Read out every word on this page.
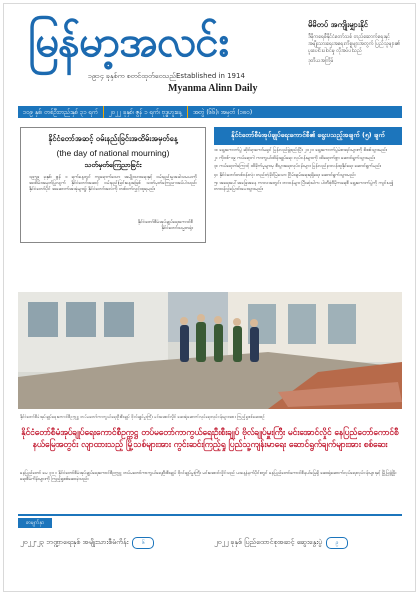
မြန်မာ့အလင်း
၁၉၁၄ ခုနှစ်က စတင်ထုတ်ဝေသည် Established in 1914
Myanma Alinn Daily
မိမိတပ် အကျိုးမျှားနိုင်
ဒီမိုကရေစီနိုင်ငံတော်သစ် တည်ဆောက်ရေးနှင့် အမျိုးသားရေးအရေးကိစ္စများအတွက် ပြည်သူများ၏ ပူးပေါင်းပါဝင်မှု လိုအပ်ပါသည်
ဒုတိယအကြိမ်
၁၀၉ နှစ်၊ တစ်ဦးတည်းနှစ် ၃၁ ရက်	၂၀၂၂ ခုနှစ်၊ ဇွန် ၁ ရက်၊ ဗုဒ္ဓဟူးနေ့	အတွဲ (၆၆)၊ အမှတ် (၁၈၀)
နိုင်ငံတော်အဆင့် ဝမ်းနည်းခြင်းအထိမ်းအမှတ်နေ့
(the day of national mourning)
သတ်မှတ်ကြေညာခြင်း
၁၉၅၉ ခုနှစ်၊ ဇွန် ၁ ရက်နေ့တွင် ကျရောက်သော အမျိုးသားရေးနှင့် ဝမ်းနည်းမှုအခါသမယကို အထိမ်းအမှတ်ပြုလျက် နိုင်ငံတော်အဆင့် ဝမ်းနည်းခြင်းနေ့အဖြစ် သတ်မှတ်ကြေညာအပ်ပါသည်။ နိုင်ငံတော်ပိုင် အဆောက်အအုံများ၌ နိုင်ငံတော်အလံကို တစ်ဝက်လွှင့်ထူရမည်။
နိုင်ငံတော်စီမံအုပ်ချုပ်ရေးကောင်စီ
နိုင်ငံတော်သမ္မတရုံး
နိုင်ငံတော်စီမံအုပ်ချုပ်ရေးကောင်စီ၏ ရွေးပသည့်အချက် (၅) ချက်

၁။ ရွေးကောက်ပွဲ ဆိုင်ရာကော်မရှင် ပြန်လည်ဖွဲ့စည်းပြီး ၂၀၂၀ ရွေးကောက်ပွဲမဲစာရင်းများကို စိစစ်သွားမည်။

၂။ ကိုဗစ်-၁၉ ကပ်ရောဂါ ကာကွယ်ထိန်းချုပ်ရေး လုပ်ငန်းများကို ထိရောက်စွာ ဆောင်ရွက်သွားမည်။

၃။ ကပ်ရောဂါကြောင့် ထိခိုက်မှုများမှ စီးပွားရေးလုပ်ငန်းများ ပြန်လည်နာလန်ထူနိုင်ရေး ဆောင်ရွက်မည်။

၄။ နိုင်ငံတော်တစ်ဝန်းလုံး တည်တံ့ခိုင်မြဲသော ငြိမ်းချမ်းရေးရရှိရေး ဆောင်ရွက်သွားမည်။

၅။ အရေးပေါ်အခြေအနေ ကာလအတွင်း တာဝန်များ ပြီးဆုံးပါက ပါတီစုံဒီမိုကရေစီ ရွေးကောက်ပွဲကို ကျင်းပ၍ တာဝန်လွှဲပြောင်းပေးသွားမည်။

နိုင်ငံတော်စီမံအုပ်ချုပ်ရေးကောင်စီဥက္ကဋ္ဌ တပ်မတော်ကာကွယ်ရေးဦးစီးချုပ် ဗိုလ်ချုပ်မှူးကြီး မင်းအောင်လှိုင် ဆေးရုံဆောက်လုပ်ရေးလုပ်ငန်းများအား ကြည့်ရှုစစ်ဆေးစဉ်
နိုင်ငံတော်စီမံအုပ်ချုပ်ရေးကောင်စီဥက္ကဋ္ဌ တပ်မတော်ကာကွယ်ရေးဦးစီးချုပ် ဗိုလ်ချုပ်မှူးကြီး မင်းအောင်လှိုင် နေပြည်တော်ကောင်စီနယ်မြေအတွင်း လျာထားသည့် မြို့သစ်များအား ကွင်းဆင်းကြည့်ရှု ပြည်သူ့ကျန်းမာရေး ဆောင်ရွက်ချက်များအား စစ်ဆေး
နေပြည်တော် မေ ၃၁ ။ နိုင်ငံတော်စီမံအုပ်ချုပ်ရေးကောင်စီဥက္ကဋ္ဌ တပ်မတော်ကာကွယ်ရေးဦးစီးချုပ် ဗိုလ်ချုပ်မှူးကြီး မင်းအောင်လှိုင်သည် ယနေ့နံနက်ပိုင်းတွင် နေပြည်တော်ကောင်စီနယ်မြေရှိ ဆေးရုံဆောက်လုပ်ရေးလုပ်ငန်းများနှင့် မြို့ပြဖွံ့ဖြိုးရေးစီမံကိန်းများကို ကြည့်ရှုစစ်ဆေးခဲ့သည်။
စာမျက်နှာ
၂၀၂၂-၂၃ ဘဏ္ဍာရေးနှစ် အမျိုးသားစီမံကိန်း	၆	၂၀၂၂ ခုနှစ် ပြည်ထောင်စုအဆင့် ဆွေးနွေးပွဲ	၉
